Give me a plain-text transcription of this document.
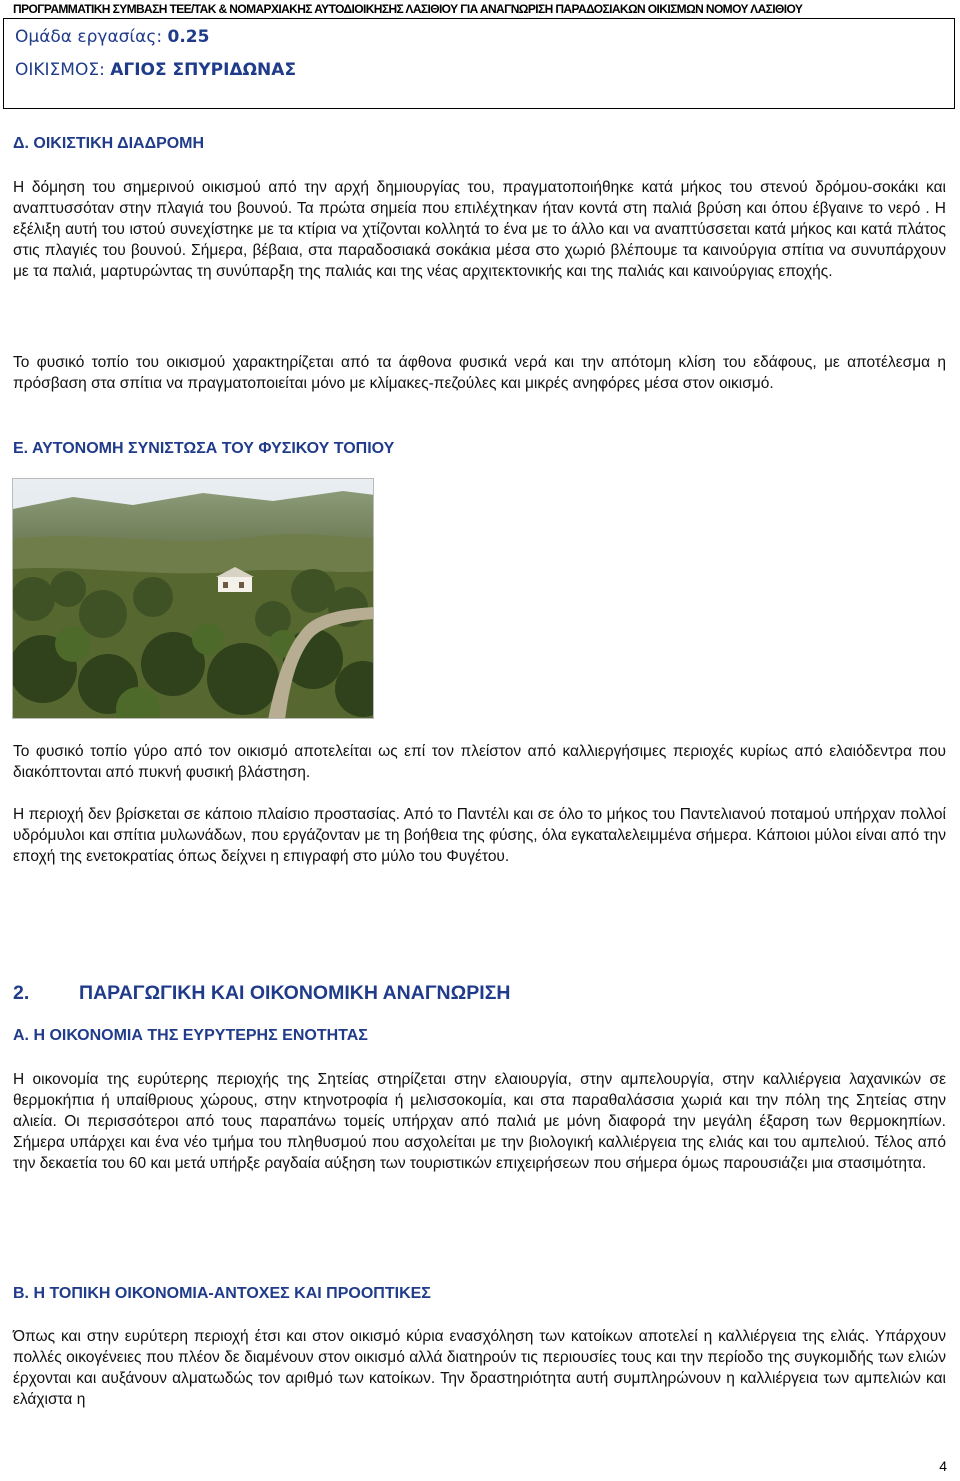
ΠΡΟΓΡΑΜΜΑΤΙΚΗ ΣΥΜΒΑΣΗ ΤΕΕ/ΤΑΚ & ΝΟΜΑΡΧΙΑΚΗΣ ΑΥΤΟΔΙΟΙΚΗΣΗΣ ΛΑΣΙΘΙΟΥ ΓΙΑ ΑΝΑΓΝΩΡΙΣΗ ΠΑΡΑΔΟΣΙΑΚΩΝ ΟΙΚΙΣΜΩΝ ΝΟΜΟΥ ΛΑΣΙΘΙΟΥ
Ομάδα εργασίας: 0.25
ΟΙΚΙΣΜΟΣ: ΑΓΙΟΣ ΣΠΥΡΙΔΩΝΑΣ
Δ. ΟΙΚΙΣΤΙΚΗ ΔΙΑΔΡΟΜΗ
Η δόμηση του σημερινού οικισμού από την αρχή δημιουργίας του, πραγματοποιήθηκε κατά μήκος του στενού δρόμου-σοκάκι και αναπτυσσόταν στην πλαγιά του βουνού. Τα πρώτα σημεία που επιλέχτηκαν ήταν κοντά στη παλιά βρύση και όπου έβγαινε το νερό . Η εξέλιξη αυτή του ιστού συνεχίστηκε με τα κτίρια να χτίζονται κολλητά το ένα με το άλλο και να αναπτύσσεται κατά μήκος και κατά πλάτος στις πλαγιές του βουνού. Σήμερα, βέβαια, στα παραδοσιακά σοκάκια μέσα στο χωριό βλέπουμε τα καινούργια σπίτια να συνυπάρχουν με τα παλιά, μαρτυρώντας τη συνύπαρξη της παλιάς και της νέας αρχιτεκτονικής και της παλιάς και καινούργιας εποχής.
Το φυσικό τοπίο του οικισμού χαρακτηρίζεται από τα άφθονα φυσικά νερά και την απότομη κλίση του εδάφους, με αποτέλεσμα η πρόσβαση στα σπίτια να πραγματοποιείται μόνο με κλίμακες-πεζούλες και μικρές ανηφόρες μέσα στον οικισμό.
Ε. ΑΥΤΟΝΟΜΗ ΣΥΝΙΣΤΩΣΑ ΤΟΥ ΦΥΣΙΚΟΥ ΤΟΠΙΟΥ
Το φυσικό τοπίο γύρο από τον οικισμό αποτελείται ως επί τον πλείστον από καλλιεργήσιμες περιοχές κυρίως από ελαιόδεντρα που διακόπτονται από πυκνή φυσική βλάστηση.
Η περιοχή δεν βρίσκεται σε κάποιο πλαίσιο προστασίας. Από το Παντέλι και σε όλο το μήκος του Παντελιανού ποταμού υπήρχαν πολλοί υδρόμυλοι και σπίτια μυλωνάδων, που εργάζονταν με τη βοήθεια της φύσης, όλα εγκαταλελειμμένα σήμερα. Κάποιοι μύλοι είναι από την εποχή της ενετοκρατίας όπως δείχνει η επιγραφή στο μύλο του Φυγέτου.
2.	ΠΑΡΑΓΩΓΙΚΗ ΚΑΙ ΟΙΚΟΝΟΜΙΚΗ ΑΝΑΓΝΩΡΙΣΗ
Α. Η ΟΙΚΟΝΟΜΙΑ ΤΗΣ ΕΥΡΥΤΕΡΗΣ ΕΝΟΤΗΤΑΣ
Η οικονομία της ευρύτερης περιοχής της Σητείας στηρίζεται στην ελαιουργία, στην αμπελουργία, στην καλλιέργεια λαχανικών σε θερμοκήπια ή υπαίθριους χώρους, στην κτηνοτροφία ή μελισσοκομία, και στα παραθαλάσσια χωριά και την πόλη της Σητείας στην αλιεία. Οι περισσότεροι από τους παραπάνω τομείς υπήρχαν από παλιά με μόνη διαφορά την μεγάλη έξαρση των θερμοκηπίων. Σήμερα υπάρχει και ένα νέο τμήμα του πληθυσμού που ασχολείται με την βιολογική καλλιέργεια της ελιάς και του αμπελιού. Τέλος από την δεκαετία του 60 και μετά υπήρξε ραγδαία αύξηση των τουριστικών επιχειρήσεων που σήμερα όμως παρουσιάζει μια στασιμότητα.
Β. Η ΤΟΠΙΚΗ ΟΙΚΟΝΟΜΙΑ-ΑΝΤΟΧΕΣ ΚΑΙ ΠΡΟΟΠΤΙΚΕΣ
Όπως και στην ευρύτερη περιοχή έτσι και στον οικισμό κύρια ενασχόληση των κατοίκων αποτελεί η καλλιέργεια της ελιάς. Υπάρχουν πολλές οικογένειες που πλέον δε διαμένουν στον οικισμό αλλά διατηρούν τις περιουσίες τους και την περίοδο της συγκομιδής των ελιών έρχονται και αυξάνουν αλματωδώς τον αριθμό των κατοίκων. Την δραστηριότητα αυτή συμπληρώνουν η καλλιέργεια των αμπελιών και ελάχιστα η
4
